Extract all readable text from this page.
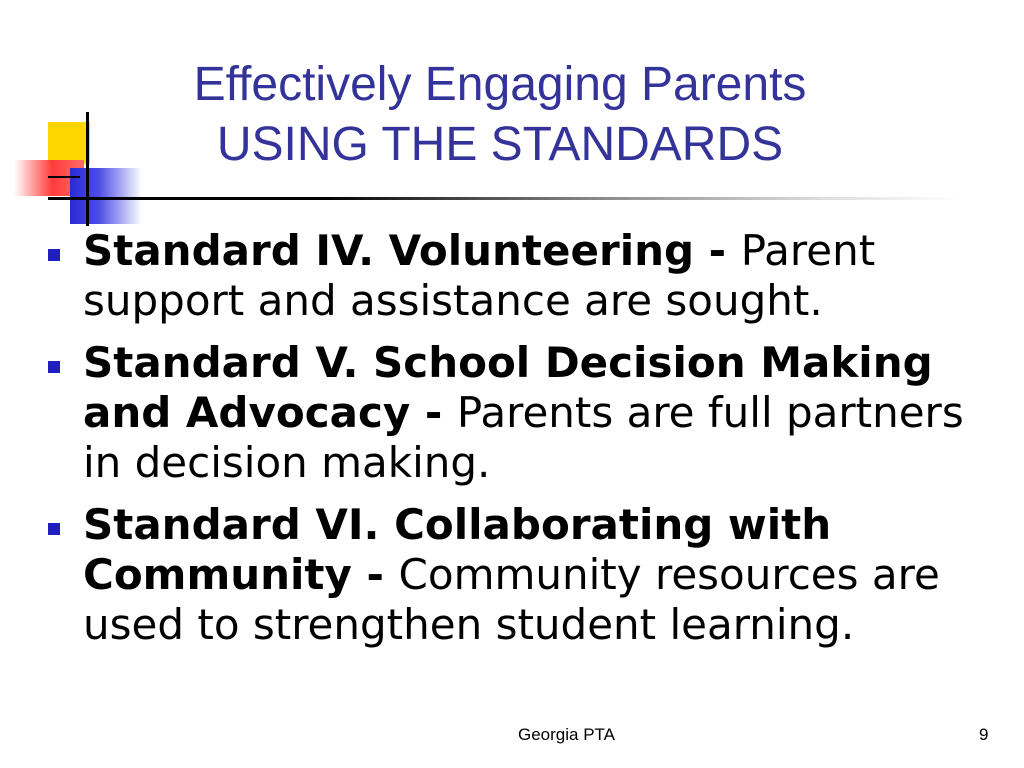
Effectively Engaging Parents
USING THE STANDARDS
Standard IV. Volunteering - Parent support and assistance are sought.
Standard V. School Decision Making and Advocacy - Parents are full partners in decision making.
Standard VI. Collaborating with Community - Community resources are used to strengthen student learning.
Georgia PTA	9
